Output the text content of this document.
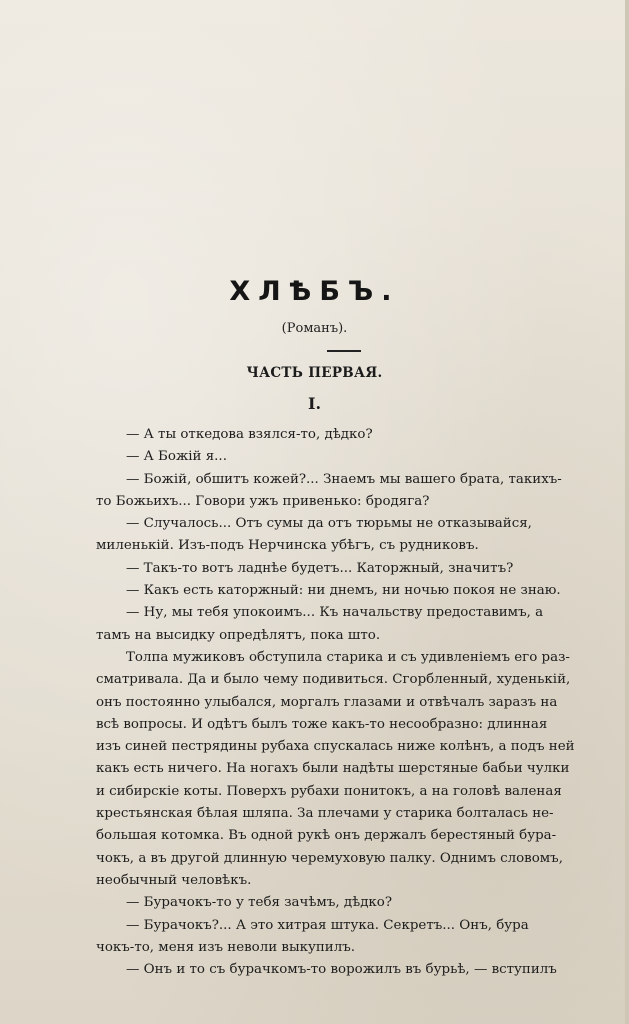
ХЛѢБЪ.
(Романъ).
ЧАСТЬ ПЕРВАЯ.
I.
— А ты откедова взялся-то, дѣдко?
— А Божій я...
— Божій, обшитъ кожей?... Знаемъ мы вашего брата, такихъ-
то Божьихъ... Говори ужъ привенько: бродяга?
— Случалось... Отъ сумы да отъ тюрьмы не отказывайся,
миленькій. Изъ-подъ Нерчинска убѣгъ, съ рудниковъ.
— Такъ-то вотъ ладнѣе будетъ... Каторжный, значитъ?
— Какъ есть каторжный: ни днемъ, ни ночью покоя не знаю.
— Ну, мы тебя упокоимъ... Къ начальству предоставимъ, а
тамъ на высидку опредѣлятъ, пока што.
Толпа мужиковъ обступила старика и съ удивленіемъ его раз-
сматривала. Да и было чему подивиться. Сгорбленный, худенькій,
онъ постоянно улыбался, моргалъ глазами и отвѣчалъ заразъ на
всѣ вопросы. И одѣтъ былъ тоже какъ-то несообразно: длинная
изъ синей пестрядины рубаха спускалась ниже колѣнъ, а подъ ней
какъ есть ничего. На ногахъ были надѣты шерстяные бабьи чулки
и сибирскіе коты. Поверхъ рубахи понитокъ, а на головѣ валеная
крестьянская бѣлая шляпа. За плечами у старика болталась не-
большая котомка. Въ одной рукѣ онъ держалъ берестяный бура-
чокъ, а въ другой длинную черемуховую палку. Однимъ словомъ,
необычный человѣкъ.
— Бурачокъ-то у тебя зачѣмъ, дѣдко?
— Бурачокъ?... А это хитрая штука. Секретъ... Онъ, бура
чокъ-то, меня изъ неволи выкупилъ.
— Онъ и то съ бурачкомъ-то ворожилъ въ бурьѣ, — вступилъ
